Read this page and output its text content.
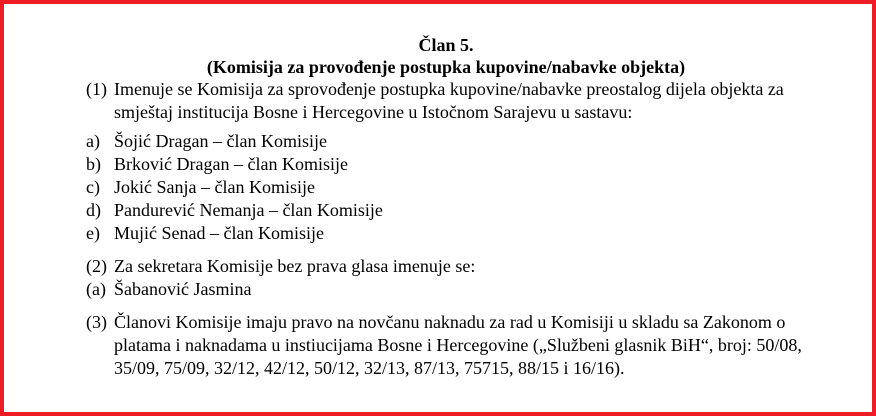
Član 5.
(Komisija za provođenje postupka kupovine/nabavke objekta)
(1) Imenuje se Komisija za sprovođenje postupka kupovine/nabavke preostalog dijela objekta za smještaj institucija Bosne i Hercegovine u Istočnom Sarajevu u sastavu:
a) Šojić Dragan – član Komisije
b) Brković Dragan – član Komisije
c) Jokić Sanja – član Komisije
d) Pandurević Nemanja – član Komisije
e) Mujić Senad – član Komisije
(2) Za sekretara Komisije bez prava glasa imenuje se:
(a) Šabanović Jasmina
(3) Članovi Komisije imaju pravo na novčanu naknadu za rad u Komisiji u skladu sa Zakonom o platama i naknadama u instiucijama Bosne i Hercegovine („Službeni glasnik BiH“, broj: 50/08, 35/09, 75/09, 32/12, 42/12, 50/12, 32/13, 87/13, 75715, 88/15 i 16/16).
